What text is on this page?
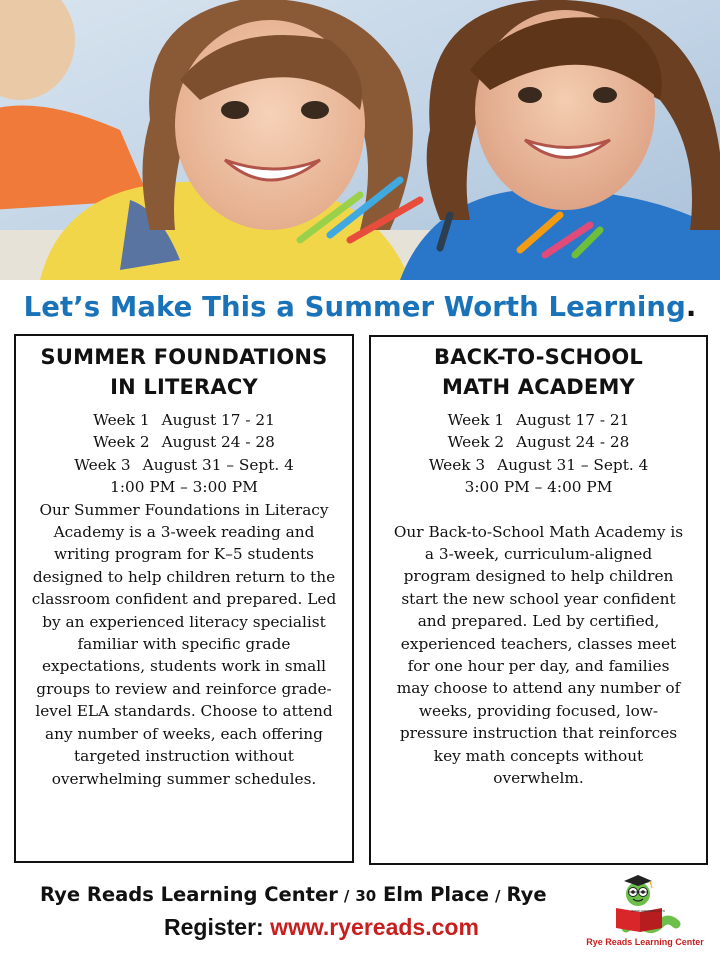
Let’s Make This a Summer Worth Learning.
SUMMER FOUNDATIONS
IN LITERACY
Week 1 August 17 - 21
Week 2 August 24 - 28
Week 3 August 31 – Sept. 4
1:00 PM – 3:00 PM
Our Summer Foundations in Literacy Academy is a 3-week reading and writing program for K–5 students designed to help children return to the classroom confident and prepared. Led by an experienced literacy specialist familiar with specific grade expectations, students work in small groups to review and reinforce grade-level ELA standards. Choose to attend any number of weeks, each offering targeted instruction without overwhelming summer schedules.
BACK-TO-SCHOOL
MATH ACADEMY
Week 1 August 17 - 21
Week 2 August 24 - 28
Week 3 August 31 – Sept. 4
3:00 PM – 4:00 PM
Our Back-to-School Math Academy is a 3-week, curriculum-aligned program designed to help children start the new school year confident and prepared. Led by certified, experienced teachers, classes meet for one hour per day, and families may choose to attend any number of weeks, providing focused, low-pressure instruction that reinforces key math concepts without overwhelm.
Rye Reads Learning Center / 30 Elm Place / Rye
Register: www.ryereads.com
www.ryereads.com
Rye Reads Learning Center
